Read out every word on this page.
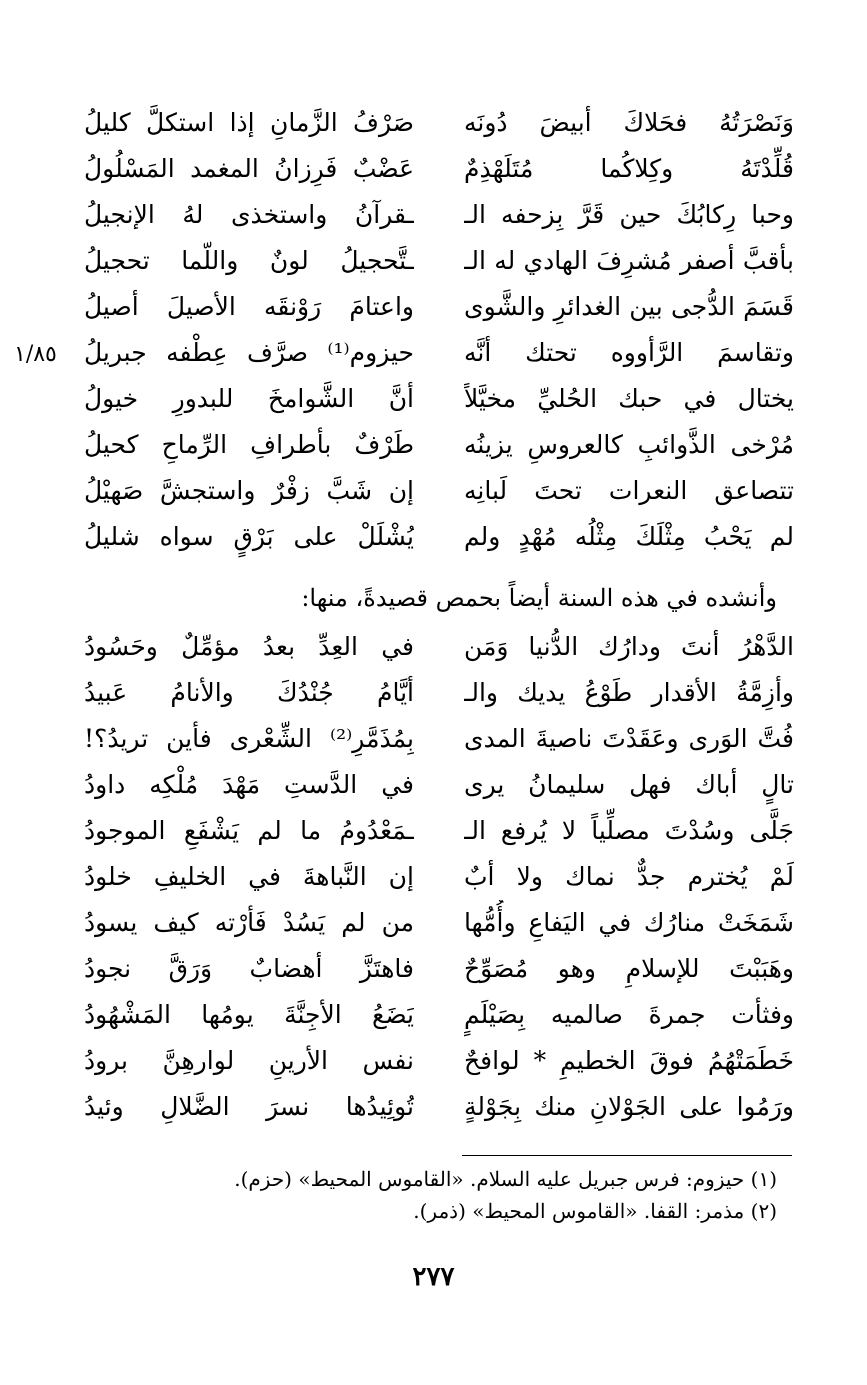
١/٨٥
وَنَصْرَتُهُ فحَلاكَ أبيضَ دُونَه
صَرْفُ الزَّمانِ إذا استكلَّ كليلُ
قُلِّدْتَهُ وكِلاكُما مُتَلَهْذِمٌ
عَضْبٌ فَرِزانُ المغمد المَسْلُولُ
وحبا رِكابُكَ حين قَرَّ بِزحفه الـ
ـقرآنُ واستخذى لهُ الإنجيلُ
بأقبَّ أصفر مُشرِفَ الهادي له الـ
ـتَّحجيلُ لونٌ واللّما تحجيلُ
قَسَمَ الدُّجى بين الغدائرِ والشَّوى
واعتامَ رَوْنقَه الأصيلَ أصيلُ
وتقاسمَ الرَّأووه تحتك أنَّه
حيزوم⁽¹⁾ صرَّف عِطْفه جبريلُ
يختال في حبك الحُليِّ مخيَّلاً
أنَّ الشَّوامخَ للبدورِ خيولُ
مُرْخى الذَّوائبِ كالعروسِ يزينُه
طَرْفٌ بأطرافِ الرِّماحِ كحيلُ
تتصاعق النعرات تحتَ لَبانِه
إن شَبَّ زفْرٌ واستجشَّ صَهيْلُ
لم يَحْبُ مِثْلَكَ مِثْلُه مُهْدٍ ولم
يُشْلَلْ على بَرْقٍ سواه شليلُ
وأنشده في هذه السنة أيضاً بحمص قصيدةً، منها:
الدَّهْرُ أنتَ ودارُك الدُّنيا وَمَن
في العِدِّ بعدُ مؤمِّلٌ وحَسُودُ
وأزِمَّةُ الأقدار طَوْعُ يديك والـ
أيَّامُ جُنْدُكَ والأنامُ عَبيدُ
فُتَّ الوَرى وعَقَدْتَ ناصيةَ المدى
بِمُذَمَّرِ⁽²⁾ الشِّعْرى فأين تريدُ؟!
تالٍ أباك فهل سليمانُ يرى
في الدَّستِ مَهْدَ مُلْكِه داودُ
جَلَّى وسُدْتَ مصلِّياً لا يُرفع الـ
ـمَعْدُومُ ما لم يَشْفَعِ الموجودُ
لَمْ يُخترم جدٌّ نماك ولا أبٌ
إن النَّباهةَ في الخليفِ خلودُ
شَمَخَتْ منارُك في اليَفاعِ وأُمُّها
من لم يَسُدْ فَأرْته كيف يسودُ
وهَبَبْتَ للإسلامِ وهو مُصَوِّحٌ
فاهتَزَّ أهضابٌ وَرَقَّ نجودُ
وفثأت جمرةَ صالميه بِصَيْلَمٍ
يَضَعُ الأجِنَّةَ يومُها المَشْهُودُ
خَطَمَتْهُمُ فوقَ الخطيمِ * لوافحٌ
نفس الأرينِ لوارهِنَّ برودُ
ورَمُوا على الجَوْلانِ منك بِجَوْلةٍ
تُوئِيدُها نسرَ الضَّلالِ وئيدُ
(١) حيزوم: فرس جبريل عليه السلام. «القاموس المحيط» (حزم).
(٢) مذمر: القفا. «القاموس المحيط» (ذمر).
٢٧٧
